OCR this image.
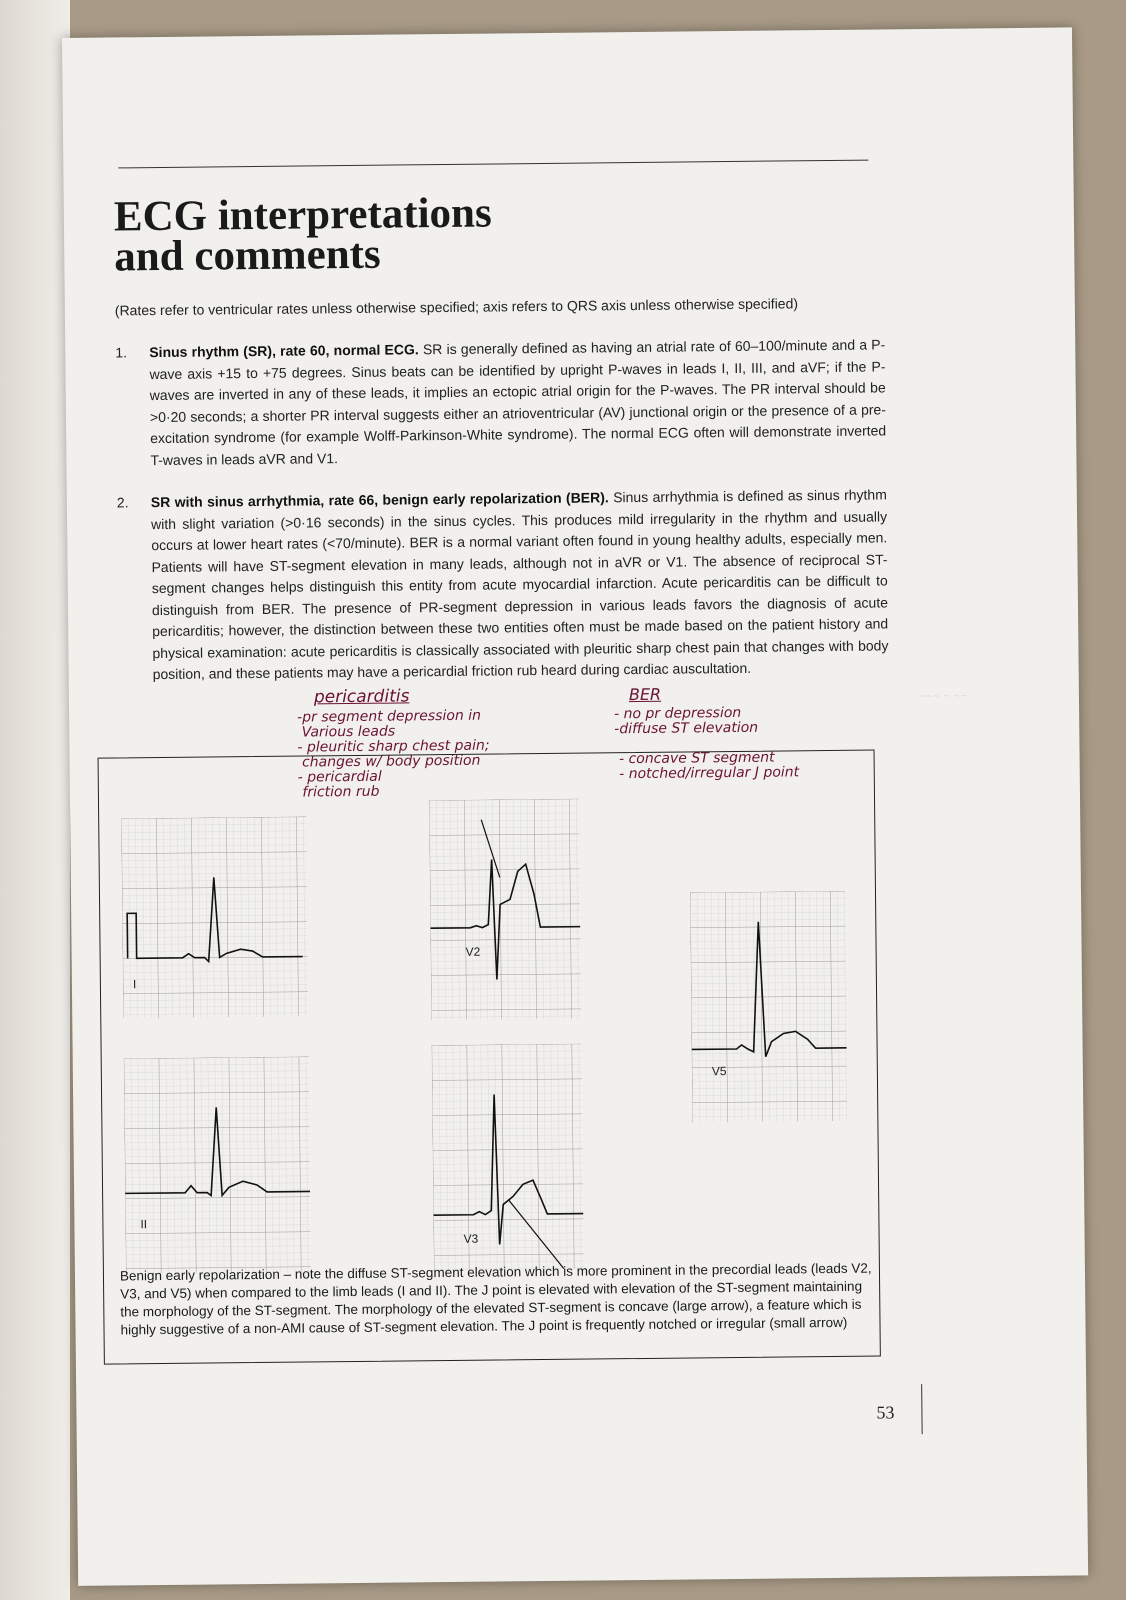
ECG interpretations
and comments
(Rates refer to ventricular rates unless otherwise specified; axis refers to QRS axis unless otherwise specified)
1. Sinus rhythm (SR), rate 60, normal ECG. SR is generally defined as having an atrial rate of 60–100/minute and a P-wave axis +15 to +75 degrees. Sinus beats can be identified by upright P-waves in leads I, II, III, and aVF; if the P-waves are inverted in any of these leads, it implies an ectopic atrial origin for the P-waves. The PR interval should be >0·20 seconds; a shorter PR interval suggests either an atrioventricular (AV) junctional origin or the presence of a pre-excitation syndrome (for example Wolff-Parkinson-White syndrome). The normal ECG often will demonstrate inverted T-waves in leads aVR and V1.
2. SR with sinus arrhythmia, rate 66, benign early repolarization (BER). Sinus arrhythmia is defined as sinus rhythm with slight variation (>0·16 seconds) in the sinus cycles. This produces mild irregularity in the rhythm and usually occurs at lower heart rates (<70/minute). BER is a normal variant often found in young healthy adults, especially men. Patients will have ST-segment elevation in many leads, although not in aVR or V1. The absence of reciprocal ST-segment changes helps distinguish this entity from acute myocardial infarction. Acute pericarditis can be difficult to distinguish from BER. The presence of PR-segment depression in various leads favors the diagnosis of acute pericarditis; however, the distinction between these two entities often must be made based on the patient history and physical examination: acute pericarditis is classically associated with pleuritic sharp chest pain that changes with body position, and these patients may have a pericardial friction rub heard during cardiac auscultation.
pericarditis
-pr segment depression in
Various leads
- pleuritic sharp chest pain;
changes w/ body position
- pericardial
friction rub
BER
- no pr depression
-diffuse ST elevation

- concave ST segment
- notched/irregular J point
~~~ ~ ~~
I
V2
V5
II
V3
Benign early repolarization – note the diffuse ST-segment elevation which is more prominent in the precordial leads (leads V2, V3, and V5) when compared to the limb leads (I and II). The J point is elevated with elevation of the ST-segment maintaining the morphology of the ST-segment. The morphology of the elevated ST-segment is concave (large arrow), a feature which is highly suggestive of a non-AMI cause of ST-segment elevation. The J point is frequently notched or irregular (small arrow)
53
